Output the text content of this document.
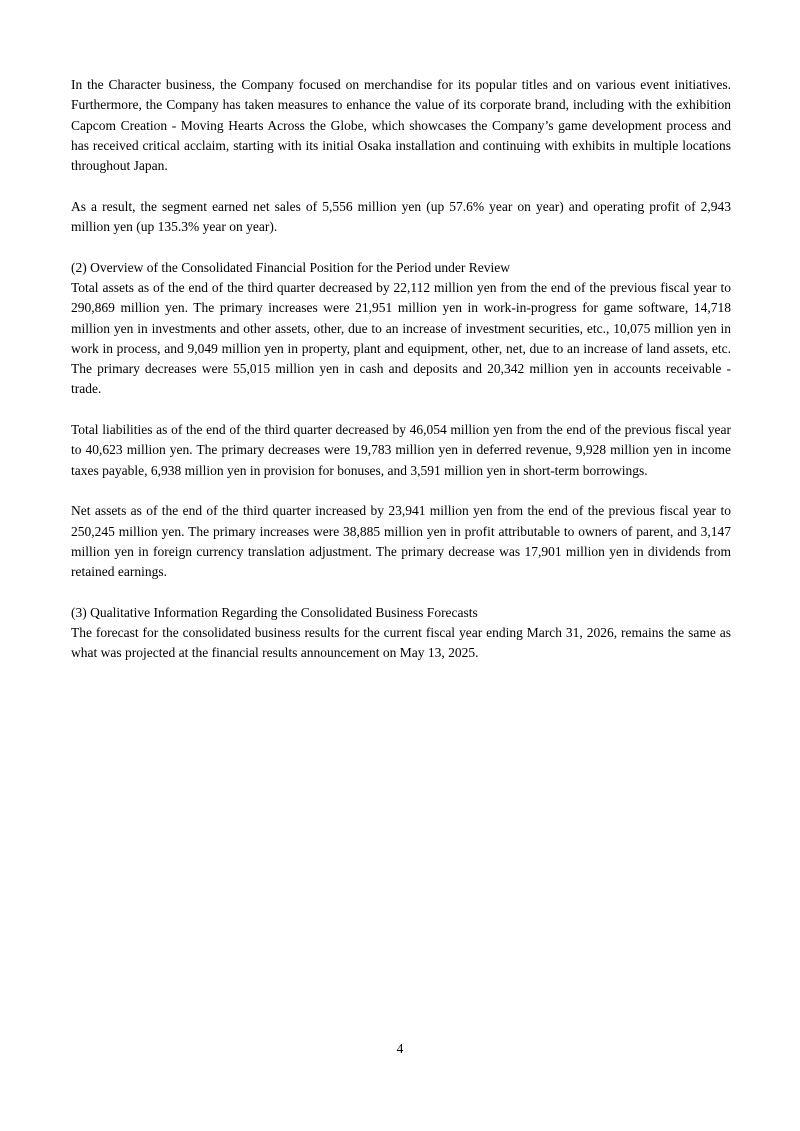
In the Character business, the Company focused on merchandise for its popular titles and on various event initiatives. Furthermore, the Company has taken measures to enhance the value of its corporate brand, including with the exhibition Capcom Creation - Moving Hearts Across the Globe, which showcases the Company’s game development process and has received critical acclaim, starting with its initial Osaka installation and continuing with exhibits in multiple locations throughout Japan.

As a result, the segment earned net sales of 5,556 million yen (up 57.6% year on year) and operating profit of 2,943 million yen (up 135.3% year on year).

(2) Overview of the Consolidated Financial Position for the Period under Review

Total assets as of the end of the third quarter decreased by 22,112 million yen from the end of the previous fiscal year to 290,869 million yen. The primary increases were 21,951 million yen in work-in-progress for game software, 14,718 million yen in investments and other assets, other, due to an increase of investment securities, etc., 10,075 million yen in work in process, and 9,049 million yen in property, plant and equipment, other, net, due to an increase of land assets, etc. The primary decreases were 55,015 million yen in cash and deposits and 20,342 million yen in accounts receivable - trade.

Total liabilities as of the end of the third quarter decreased by 46,054 million yen from the end of the previous fiscal year to 40,623 million yen. The primary decreases were 19,783 million yen in deferred revenue, 9,928 million yen in income taxes payable, 6,938 million yen in provision for bonuses, and 3,591 million yen in short-term borrowings.

Net assets as of the end of the third quarter increased by 23,941 million yen from the end of the previous fiscal year to 250,245 million yen. The primary increases were 38,885 million yen in profit attributable to owners of parent, and 3,147 million yen in foreign currency translation adjustment. The primary decrease was 17,901 million yen in dividends from retained earnings.

(3) Qualitative Information Regarding the Consolidated Business Forecasts

The forecast for the consolidated business results for the current fiscal year ending March 31, 2026, remains the same as what was projected at the financial results announcement on May 13, 2025.

4
